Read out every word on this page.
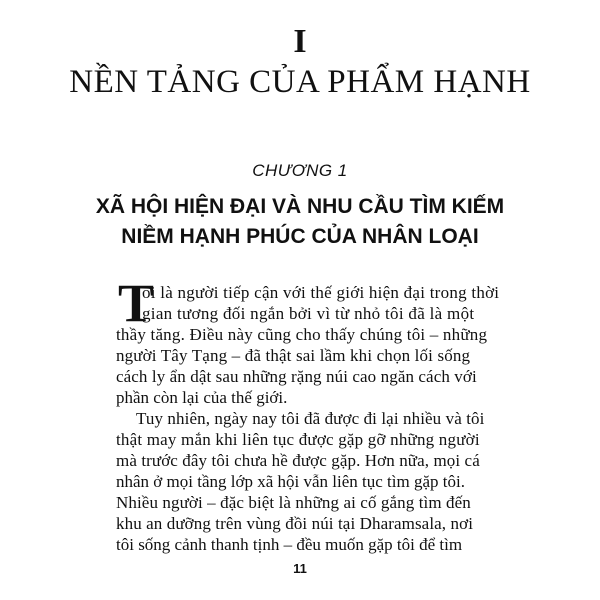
I
NỀN TẢNG CỦA PHẨM HẠNH
CHƯƠNG 1
XÃ HỘI HIỆN ĐẠI VÀ NHU CẦU TÌM KIẾM
NIỀM HẠNH PHÚC CỦA NHÂN LOẠI
T
ôi là người tiếp cận với thế giới hiện đại trong thời
gian tương đối ngắn bởi vì từ nhỏ tôi đã là một
thầy tăng. Điều này cũng cho thấy chúng tôi – những
người Tây Tạng – đã thật sai lầm khi chọn lối sống
cách ly ẩn dật sau những rặng núi cao ngăn cách với
phần còn lại của thế giới.
Tuy nhiên, ngày nay tôi đã được đi lại nhiều và tôi
thật may mắn khi liên tục được gặp gỡ những người
mà trước đây tôi chưa hề được gặp. Hơn nữa, mọi cá
nhân ở mọi tầng lớp xã hội vẫn liên tục tìm gặp tôi.
Nhiều người – đặc biệt là những ai cố gắng tìm đến
khu an dưỡng trên vùng đồi núi tại Dharamsala, nơi
tôi sống cảnh thanh tịnh – đều muốn gặp tôi để tìm
11
